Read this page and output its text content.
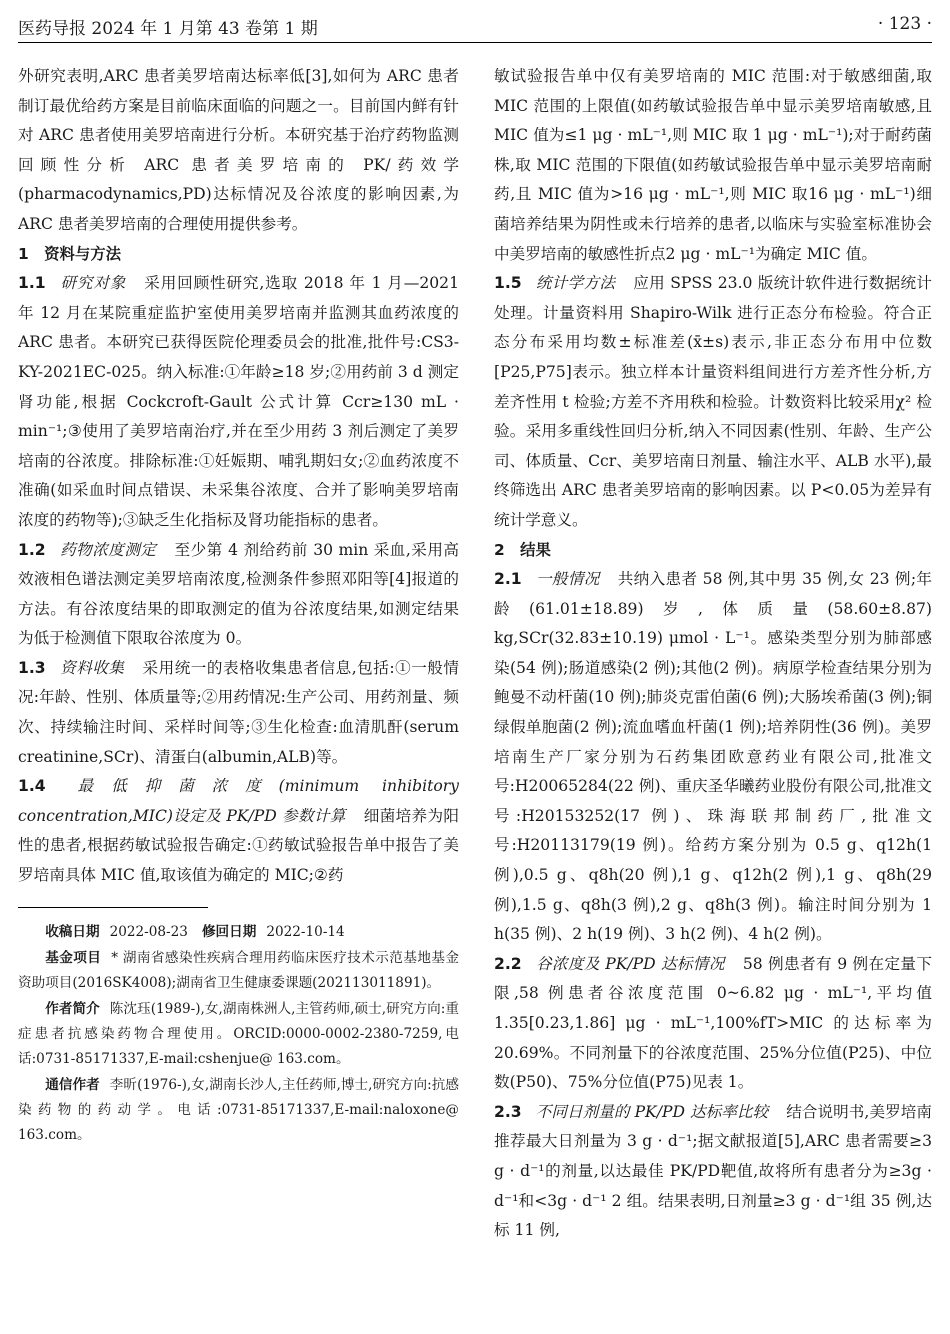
医药导报 2024 年 1 月第 43 卷第 1 期	· 123 ·

外研究表明,ARC 患者美罗培南达标率低[3],如何为 ARC 患者制订最优给药方案是目前临床面临的问题之一。目前国内鲜有针对 ARC 患者使用美罗培南进行分析。本研究基于治疗药物监测回顾性分析 ARC 患者美罗培南的 PK/药效学(pharmacodynamics,PD)达标情况及谷浓度的影响因素,为 ARC 患者美罗培南的合理使用提供参考。

1　资料与方法

1.1 研究对象 采用回顾性研究,选取 2018 年 1 月—2021 年 12 月在某院重症监护室使用美罗培南并监测其血药浓度的 ARC 患者。本研究已获得医院伦理委员会的批准,批件号:CS3-KY-2021EC-025。纳入标准:①年龄≥18 岁;②用药前 3 d 测定肾功能,根据 Cockcroft-Gault 公式计算 Ccr≥130 mL · min⁻¹;③使用了美罗培南治疗,并在至少用药 3 剂后测定了美罗培南的谷浓度。排除标准:①妊娠期、哺乳期妇女;②血药浓度不准确(如采血时间点错误、未采集谷浓度、合并了影响美罗培南浓度的药物等);③缺乏生化指标及肾功能指标的患者。

1.2 药物浓度测定 至少第 4 剂给药前 30 min 采血,采用高效液相色谱法测定美罗培南浓度,检测条件参照邓阳等[4]报道的方法。有谷浓度结果的即取测定的值为谷浓度结果,如测定结果为低于检测值下限取谷浓度为 0。

1.3 资料收集 采用统一的表格收集患者信息,包括:①一般情况:年龄、性别、体质量等;②用药情况:生产公司、用药剂量、频次、持续输注时间、采样时间等;③生化检查:血清肌酐(serum creatinine,SCr)、清蛋白(albumin,ALB)等。

1.4 最低抑菌浓度(minimum inhibitory concentration,MIC)设定及 PK/PD 参数计算 细菌培养为阳性的患者,根据药敏试验报告确定:①药敏试验报告单中报告了美罗培南具体 MIC 值,取该值为确定的 MIC;②药

收稿日期 2022-08-23 修回日期 2022-10-14

基金项目 * 湖南省感染性疾病合理用药临床医疗技术示范基地基金资助项目(2016SK4008);湖南省卫生健康委课题(202113011891)。

作者简介 陈沈珏(1989-),女,湖南株洲人,主管药师,硕士,研究方向:重症患者抗感染药物合理使用。ORCID:0000-0002-2380-7259,电话:0731-85171337,E-mail:cshenjue@ 163.com。

通信作者 李昕(1976-),女,湖南长沙人,主任药师,博士,研究方向:抗感染药物的药动学。电话:0731-85171337,E-mail:naloxone@ 163.com。

敏试验报告单中仅有美罗培南的 MIC 范围:对于敏感细菌,取 MIC 范围的上限值(如药敏试验报告单中显示美罗培南敏感,且 MIC 值为≤1 μg · mL⁻¹,则 MIC 取 1 μg · mL⁻¹);对于耐药菌株,取 MIC 范围的下限值(如药敏试验报告单中显示美罗培南耐药,且 MIC 值为>16 μg · mL⁻¹,则 MIC 取16 μg · mL⁻¹)细菌培养结果为阴性或未行培养的患者,以临床与实验室标准协会中美罗培南的敏感性折点2 μg · mL⁻¹为确定 MIC 值。

1.5 统计学方法 应用 SPSS 23.0 版统计软件进行数据统计处理。计量资料用 Shapiro-Wilk 进行正态分布检验。符合正态分布采用均数±标准差(x̄±s)表示,非正态分布用中位数[P25,P75]表示。独立样本计量资料组间进行方差齐性分析,方差齐性用 t 检验;方差不齐用秩和检验。计数资料比较采用χ² 检验。采用多重线性回归分析,纳入不同因素(性别、年龄、生产公司、体质量、Ccr、美罗培南日剂量、输注水平、ALB 水平),最终筛选出 ARC 患者美罗培南的影响因素。以 P<0.05为差异有统计学意义。

2　结果

2.1 一般情况 共纳入患者 58 例,其中男 35 例,女 23 例;年龄(61.01±18.89)岁,体质量(58.60±8.87) kg,SCr(32.83±10.19) μmol · L⁻¹。感染类型分别为肺部感染(54 例);肠道感染(2 例);其他(2 例)。病原学检查结果分别为鲍曼不动杆菌(10 例);肺炎克雷伯菌(6 例);大肠埃希菌(3 例);铜绿假单胞菌(2 例);流血嗜血杆菌(1 例);培养阴性(36 例)。美罗培南生产厂家分别为石药集团欧意药业有限公司,批准文号:H20065284(22 例)、重庆圣华曦药业股份有限公司,批准文号:H20153252(17 例)、珠海联邦制药厂,批准文号:H20113179(19 例)。给药方案分别为 0.5 g、q12h(1 例),0.5 g、q8h(20 例),1 g、q12h(2 例),1 g、q8h(29 例),1.5 g、q8h(3 例),2 g、q8h(3 例)。输注时间分别为 1 h(35 例)、2 h(19 例)、3 h(2 例)、4 h(2 例)。

2.2 谷浓度及 PK/PD 达标情况 58 例患者有 9 例在定量下限,58 例患者谷浓度范围 0~6.82 μg · mL⁻¹,平均值 1.35[0.23,1.86] μg · mL⁻¹,100%fT>MIC 的达标率为 20.69%。不同剂量下的谷浓度范围、25%分位值(P25)、中位数(P50)、75%分位值(P75)见表 1。

2.3 不同日剂量的 PK/PD 达标率比较 结合说明书,美罗培南推荐最大日剂量为 3 g · d⁻¹;据文献报道[5],ARC 患者需要≥3 g · d⁻¹的剂量,以达最佳 PK/PD靶值,故将所有患者分为≥3g · d⁻¹和<3g · d⁻¹ 2 组。结果表明,日剂量≥3 g · d⁻¹组 35 例,达标 11 例,
